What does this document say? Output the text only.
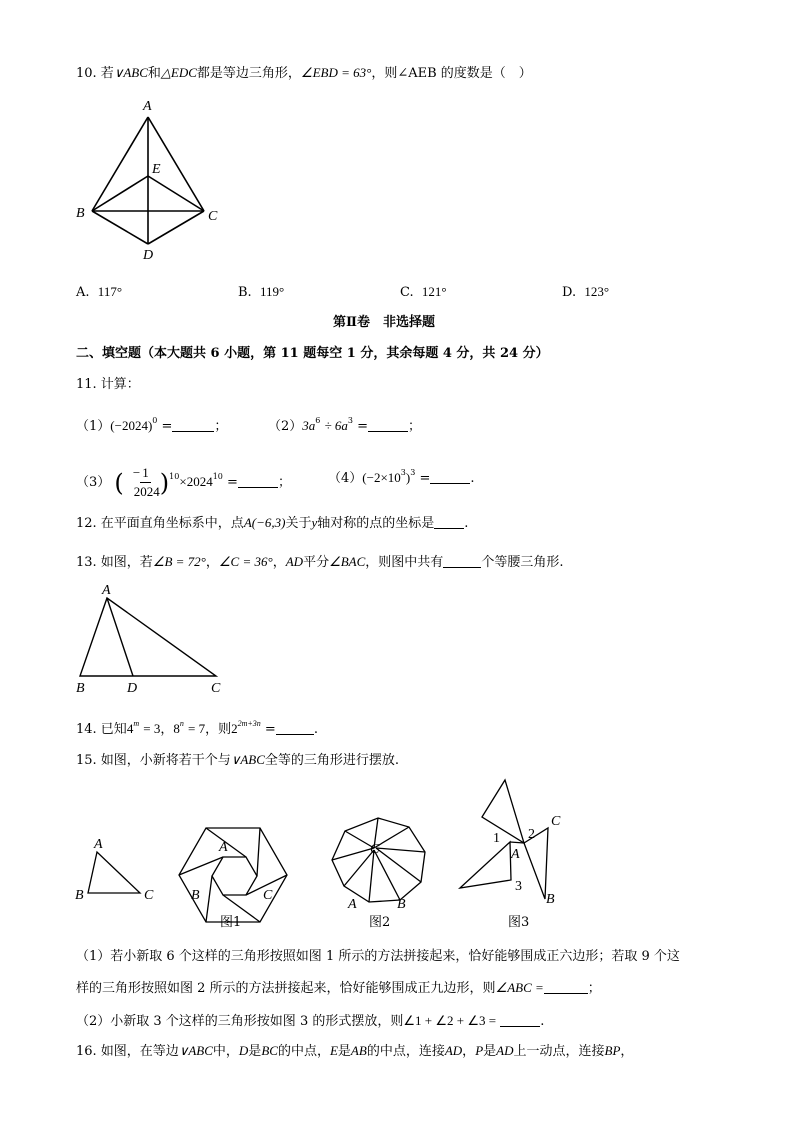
10. 若∨ABC和△EDC都是等边三角形，∠EBD = 63°，则∠AEB 的度数是（　）
A
E
B	C
D
A. 117°	B. 119°	C. 121°	D. 123°
第Ⅱ卷　非选择题
二、填空题（本大题共 6 小题，第 11 题每空 1 分，其余每题 4 分，共 24 分）
11. 计算：
$(1)(-2024)^0$ =	；	$(2)3a^6 \div 6a^3$ =	；
（3） ( − 1
2024 )$^{10}\times 2024^{10}$ =	；	$(4)(-2\times 10^3)^3$ =	.
12. 在平面直角坐标系中，点A(−6,3)关于y轴对称的点的坐标是 .
13. 如图，若∠B = 72°，∠C = 36°，AD平分∠BAC，则图中共有	个等腰三角形.
A
B	D	C
14. 已知$4^m = 3$，$8^n = 7$，则$2^{2m+3n}$ =	.
15. 如图，小新将若干个与∨ABC全等的三角形进行摆放.
A
B	C
A
B	C
图1
C
A	B
图2
1 2
3
A
C
B
图3
（1）若小新取 6 个这样的三角形按照如图 1 所示的方法拼接起来，恰好能够围成正六边形；若取 9 个这
样的三角形按照如图 2 所示的方法拼接起来，恰好能够围成正九边形，则∠ABC =	；
（2）小新取 3 个这样的三角形按如图 3 的形式摆放，则∠1 + ∠2 + ∠3 =	.
16. 如图，在等边∨ABC中，D是BC的中点，E是AB的中点，连接AD，P是AD上一动点，连接BP，
